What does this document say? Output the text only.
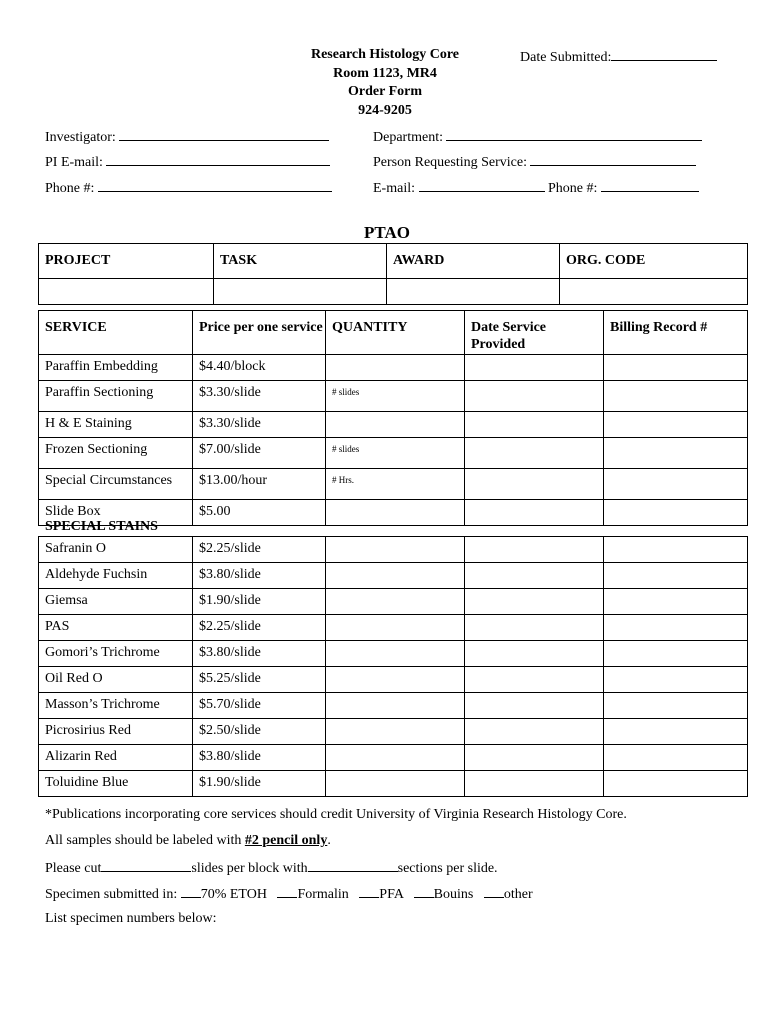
Research Histology Core
Room 1123, MR4
Order Form
924-9205
Date Submitted:
Investigator:
PI E-mail:
Phone #:
Department:
Person Requesting Service:
E-mail:	Phone #:
PTAO
PROJECT	TASK	AWARD	ORG. CODE

SERVICE	Price per one service	QUANTITY	Date Service Provided	Billing Record #
Paraffin Embedding	$4.40/block			
Paraffin Sectioning	$3.30/slide	# slides		
H & E Staining	$3.30/slide			
Frozen Sectioning	$7.00/slide	# slides		
Special Circumstances	$13.00/hour	# Hrs.		
Slide Box	$5.00			
SPECIAL STAINS
Safranin O	$2.25/slide			
Aldehyde Fuchsin	$3.80/slide			
Giemsa	$1.90/slide			
PAS	$2.25/slide			
Gomori’s Trichrome	$3.80/slide			
Oil Red O	$5.25/slide			
Masson’s Trichrome	$5.70/slide			
Picrosirius Red	$2.50/slide			
Alizarin Red	$3.80/slide			
Toluidine Blue	$1.90/slide			
*Publications incorporating core services should credit University of Virginia Research Histology Core.
All samples should be labeled with #2 pencil only.
Please cut	slides per block with	sections per slide.
Specimen submitted in: 70% ETOH Formalin PFA Bouins other
List specimen numbers below:
